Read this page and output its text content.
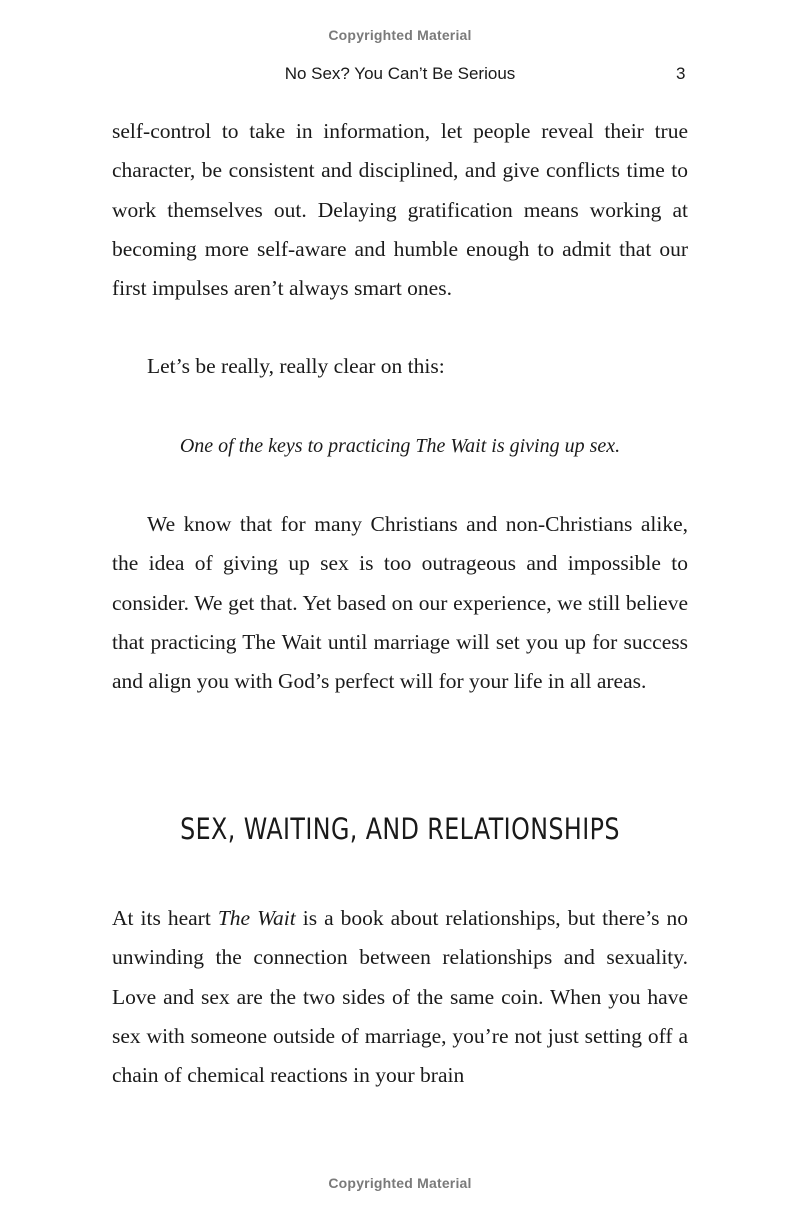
Copyrighted Material
No Sex? You Can’t Be Serious	3

self-control to take in information, let people reveal their true character, be consistent and disciplined, and give conflicts time to work themselves out. Delaying gratification means working at becoming more self-aware and humble enough to admit that our first impulses aren’t always smart ones.

Let’s be really, really clear on this:

One of the keys to practicing The Wait is giving up sex.

We know that for many Christians and non-Christians alike, the idea of giving up sex is too outrageous and impossible to consider. We get that. Yet based on our experience, we still believe that practicing The Wait until marriage will set you up for success and align you with God’s perfect will for your life in all areas.

SEX, WAITING, AND RELATIONSHIPS

At its heart The Wait is a book about relationships, but there’s no unwinding the connection between relationships and sexuality. Love and sex are the two sides of the same coin. When you have sex with someone outside of marriage, you’re not just setting off a chain of chemical reactions in your brain

Copyrighted Material
